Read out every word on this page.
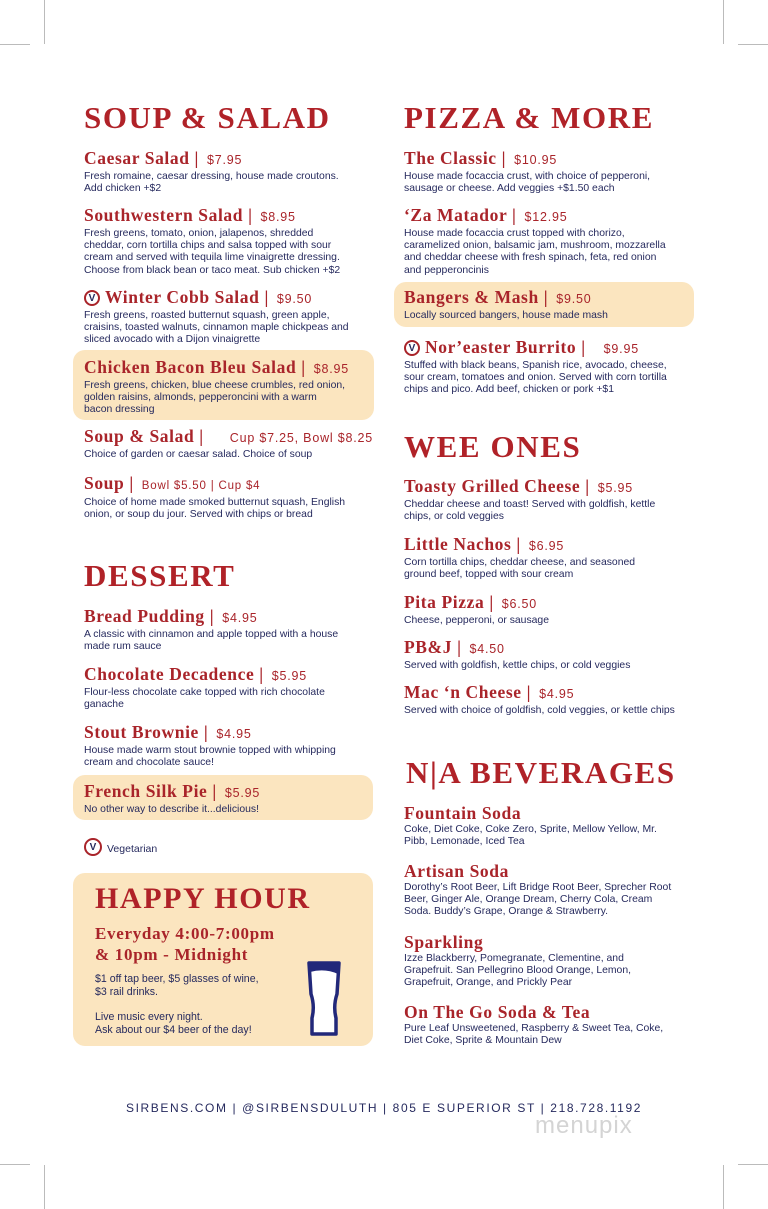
SOUP & SALAD
Caesar Salad | $7.95
Fresh romaine, caesar dressing, house made croutons.
Add chicken +$2
Southwestern Salad | $8.95
Fresh greens, tomato, onion, jalapenos, shredded
cheddar, corn tortilla chips and salsa topped with sour
cream and served with tequila lime vinaigrette dressing.
Choose from black bean or taco meat. Sub chicken +$2
V Winter Cobb Salad | $9.50
Fresh greens, roasted butternut squash, green apple,
craisins, toasted walnuts, cinnamon maple chickpeas and
sliced avocado with a Dijon vinaigrette
Chicken Bacon Bleu Salad | $8.95
Fresh greens, chicken, blue cheese crumbles, red onion,
golden raisins, almonds, pepperoncini with a warm
bacon dressing
Soup & Salad |	Cup $7.25, Bowl $8.25
Choice of garden or caesar salad. Choice of soup
Soup | Bowl $5.50 | Cup $4
Choice of home made smoked butternut squash, English
onion, or soup du jour. Served with chips or bread
DESSERT
Bread Pudding | $4.95
A classic with cinnamon and apple topped with a house
made rum sauce
Chocolate Decadence | $5.95
Flour-less chocolate cake topped with rich chocolate
ganache
Stout Brownie | $4.95
House made warm stout brownie topped with whipping
cream and chocolate sauce!
French Silk Pie | $5.95
No other way to describe it...delicious!
V Vegetarian
HAPPY HOUR
Everyday 4:00-7:00pm
& 10pm - Midnight
$1 off tap beer, $5 glasses of wine,
$3 rail drinks.
Live music every night.
Ask about our $4 beer of the day!
PIZZA & MORE
The Classic | $10.95
House made focaccia crust, with choice of pepperoni,
sausage or cheese. Add veggies +$1.50 each
‘Za Matador | $12.95
House made focaccia crust topped with chorizo,
caramelized onion, balsamic jam, mushroom, mozzarella
and cheddar cheese with fresh spinach, feta, red onion
and pepperoncinis
Bangers & Mash | $9.50
Locally sourced bangers, house made mash
V Nor’easter Burrito | $9.95
Stuffed with black beans, Spanish rice, avocado, cheese,
sour cream, tomatoes and onion. Served with corn tortilla
chips and pico. Add beef, chicken or pork +$1
WEE ONES
Toasty Grilled Cheese | $5.95
Cheddar cheese and toast! Served with goldfish, kettle
chips, or cold veggies
Little Nachos | $6.95
Corn tortilla chips, cheddar cheese, and seasoned
ground beef, topped with sour cream
Pita Pizza | $6.50
Cheese, pepperoni, or sausage
PB&J | $4.50
Served with goldfish, kettle chips, or cold veggies
Mac ‘n Cheese | $4.95
Served with choice of goldfish, cold veggies, or kettle chips
N|A BEVERAGES
Fountain Soda
Coke, Diet Coke, Coke Zero, Sprite, Mellow Yellow, Mr.
Pibb, Lemonade, Iced Tea
Artisan Soda
Dorothy’s Root Beer, Lift Bridge Root Beer, Sprecher Root
Beer, Ginger Ale, Orange Dream, Cherry Cola, Cream
Soda. Buddy’s Grape, Orange & Strawberry.
Sparkling
Izze Blackberry, Pomegranate, Clementine, and
Grapefruit. San Pellegrino Blood Orange, Lemon,
Grapefruit, Orange, and Prickly Pear
On The Go Soda & Tea
Pure Leaf Unsweetened, Raspberry & Sweet Tea, Coke,
Diet Coke, Sprite & Mountain Dew
SIRBENS.COM | @SIRBENSDULUTH | 805 E SUPERIOR ST | 218.728.1192
menupix
